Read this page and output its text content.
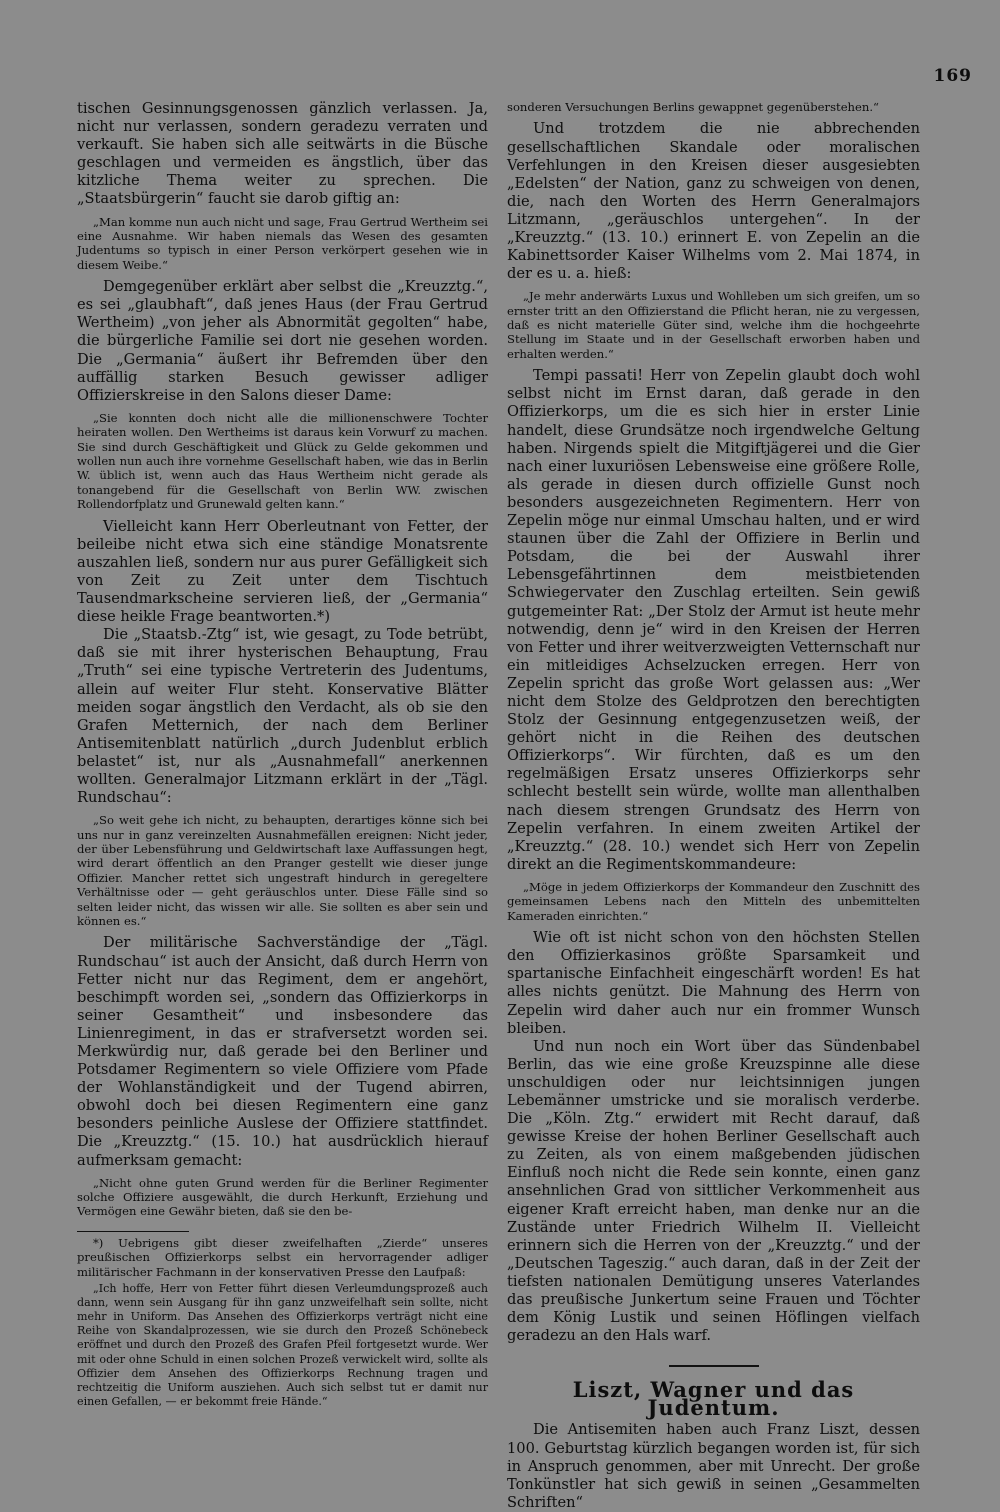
169

tischen Gesinnungsgenossen gänzlich verlassen. Ja, nicht nur verlassen, sondern geradezu verraten und verkauft. Sie haben sich alle seitwärts in die Büsche geschlagen und vermeiden es ängstlich, über das kitzliche Thema weiter zu sprechen. Die „Staatsbürgerin“ faucht sie darob giftig an:

„Man komme nun auch nicht und sage, Frau Gertrud Wertheim sei eine Ausnahme. Wir haben niemals das Wesen des gesamten Judentums so typisch in einer Person verkörpert gesehen wie in diesem Weibe.“

Demgegenüber erklärt aber selbst die „Kreuzztg.“, es sei „glaubhaft“, daß jenes Haus (der Frau Gertrud Wertheim) „von jeher als Abnormität gegolten“ habe, die bürgerliche Familie sei dort nie gesehen worden. Die „Germania“ äußert ihr Befremden über den auffällig starken Besuch gewisser adliger Offizierskreise in den Salons dieser Dame:

„Sie konnten doch nicht alle die millionenschwere Tochter heiraten wollen. Den Wertheims ist daraus kein Vorwurf zu machen. Sie sind durch Geschäftigkeit und Glück zu Gelde gekommen und wollen nun auch ihre vornehme Gesellschaft haben, wie das in Berlin W. üblich ist, wenn auch das Haus Wertheim nicht gerade als tonangebend für die Gesellschaft von Berlin WW. zwischen Rollendorfplatz und Grunewald gelten kann.“

Vielleicht kann Herr Oberleutnant von Fetter, der beileibe nicht etwa sich eine ständige Monatsrente auszahlen ließ, sondern nur aus purer Gefälligkeit sich von Zeit zu Zeit unter dem Tischtuch Tausendmarkscheine servieren ließ, der „Germania“ diese heikle Frage beantworten.*)

Die „Staatsb.-Ztg“ ist, wie gesagt, zu Tode betrübt, daß sie mit ihrer hysterischen Behauptung, Frau „Truth“ sei eine typische Vertreterin des Judentums, allein auf weiter Flur steht. Konservative Blätter meiden sogar ängstlich den Verdacht, als ob sie den Grafen Metternich, der nach dem Berliner Antisemitenblatt natürlich „durch Judenblut erblich belastet“ ist, nur als „Ausnahmefall“ anerkennen wollten. Generalmajor Litzmann erklärt in der „Tägl. Rundschau“:

„So weit gehe ich nicht, zu behaupten, derartiges könne sich bei uns nur in ganz vereinzelten Ausnahmefällen ereignen: Nicht jeder, der über Lebensführung und Geldwirtschaft laxe Auffassungen hegt, wird derart öffentlich an den Pranger gestellt wie dieser junge Offizier. Mancher rettet sich ungestraft hindurch in geregeltere Verhältnisse oder — geht geräuschlos unter. Diese Fälle sind so selten leider nicht, das wissen wir alle. Sie sollten es aber sein und können es.“

Der militärische Sachverständige der „Tägl. Rundschau“ ist auch der Ansicht, daß durch Herrn von Fetter nicht nur das Regiment, dem er angehört, beschimpft worden sei, „sondern das Offizierkorps in seiner Gesamtheit“ und insbesondere das Linienregiment, in das er strafversetzt worden sei. Merkwürdig nur, daß gerade bei den Berliner und Potsdamer Regimentern so viele Offiziere vom Pfade der Wohlanständigkeit und der Tugend abirren, obwohl doch bei diesen Regimentern eine ganz besonders peinliche Auslese der Offiziere stattfindet. Die „Kreuzztg.“ (15. 10.) hat ausdrücklich hierauf aufmerksam gemacht:

„Nicht ohne guten Grund werden für die Berliner Regimenter solche Offiziere ausgewählt, die durch Herkunft, Erziehung und Vermögen eine Gewähr bieten, daß sie den be-

*) Uebrigens gibt dieser zweifelhaften „Zierde“ unseres preußischen Offizierkorps selbst ein hervorragender adliger militärischer Fachmann in der konservativen Presse den Laufpaß:

„Ich hoffe, Herr von Fetter führt diesen Verleumdungsprozeß auch dann, wenn sein Ausgang für ihn ganz unzweifelhaft sein sollte, nicht mehr in Uniform. Das Ansehen des Offizierkorps verträgt nicht eine Reihe von Skandalprozessen, wie sie durch den Prozeß Schönebeck eröffnet und durch den Prozeß des Grafen Pfeil fortgesetzt wurde. Wer mit oder ohne Schuld in einen solchen Prozeß verwickelt wird, sollte als Offizier dem Ansehen des Offizierkorps Rechnung tragen und rechtzeitig die Uniform ausziehen. Auch sich selbst tut er damit nur einen Gefallen, — er bekommt freie Hände.“

sonderen Versuchungen Berlins gewappnet gegenüberstehen.“

Und trotzdem die nie abbrechenden gesellschaftlichen Skandale oder moralischen Verfehlungen in den Kreisen dieser ausgesiebten „Edelsten“ der Nation, ganz zu schweigen von denen, die, nach den Worten des Herrn Generalmajors Litzmann, „geräuschlos untergehen“. In der „Kreuzztg.“ (13. 10.) erinnert E. von Zepelin an die Kabinettsorder Kaiser Wilhelms vom 2. Mai 1874, in der es u. a. hieß:

„Je mehr anderwärts Luxus und Wohlleben um sich greifen, um so ernster tritt an den Offizierstand die Pflicht heran, nie zu vergessen, daß es nicht materielle Güter sind, welche ihm die hochgeehrte Stellung im Staate und in der Gesellschaft erworben haben und erhalten werden.“

Tempi passati! Herr von Zepelin glaubt doch wohl selbst nicht im Ernst daran, daß gerade in den Offizierkorps, um die es sich hier in erster Linie handelt, diese Grundsätze noch irgendwelche Geltung haben. Nirgends spielt die Mitgiftjägerei und die Gier nach einer luxuriösen Lebensweise eine größere Rolle, als gerade in diesen durch offizielle Gunst noch besonders ausgezeichneten Regimentern. Herr von Zepelin möge nur einmal Umschau halten, und er wird staunen über die Zahl der Offiziere in Berlin und Potsdam, die bei der Auswahl ihrer Lebensgefährtinnen dem meistbietenden Schwiegervater den Zuschlag erteilten. Sein gewiß gutgemeinter Rat: „Der Stolz der Armut ist heute mehr notwendig, denn je“ wird in den Kreisen der Herren von Fetter und ihrer weitverzweigten Vetternschaft nur ein mitleidiges Achselzucken erregen. Herr von Zepelin spricht das große Wort gelassen aus: „Wer nicht dem Stolze des Geldprotzen den berechtigten Stolz der Gesinnung entgegenzusetzen weiß, der gehört nicht in die Reihen des deutschen Offizierkorps“. Wir fürchten, daß es um den regelmäßigen Ersatz unseres Offizierkorps sehr schlecht bestellt sein würde, wollte man allenthalben nach diesem strengen Grundsatz des Herrn von Zepelin verfahren. In einem zweiten Artikel der „Kreuzztg.“ (28. 10.) wendet sich Herr von Zepelin direkt an die Regimentskommandeure:

„Möge in jedem Offizierkorps der Kommandeur den Zuschnitt des gemeinsamen Lebens nach den Mitteln des unbemittelten Kameraden einrichten.“

Wie oft ist nicht schon von den höchsten Stellen den Offizierkasinos größte Sparsamkeit und spartanische Einfachheit eingeschärft worden! Es hat alles nichts genützt. Die Mahnung des Herrn von Zepelin wird daher auch nur ein frommer Wunsch bleiben.

Und nun noch ein Wort über das Sündenbabel Berlin, das wie eine große Kreuzspinne alle diese unschuldigen oder nur leichtsinnigen jungen Lebemänner umstricke und sie moralisch verderbe. Die „Köln. Ztg.“ erwidert mit Recht darauf, daß gewisse Kreise der hohen Berliner Gesellschaft auch zu Zeiten, als von einem maßgebenden jüdischen Einfluß noch nicht die Rede sein konnte, einen ganz ansehnlichen Grad von sittlicher Verkommenheit aus eigener Kraft erreicht haben, man denke nur an die Zustände unter Friedrich Wilhelm II. Vielleicht erinnern sich die Herren von der „Kreuzztg.“ und der „Deutschen Tageszig.“ auch daran, daß in der Zeit der tiefsten nationalen Demütigung unseres Vaterlandes das preußische Junkertum seine Frauen und Töchter dem König Lustik und seinen Höflingen vielfach geradezu an den Hals warf.

Liszt, Wagner und das Judentum.

Die Antisemiten haben auch Franz Liszt, dessen 100. Geburtstag kürzlich begangen worden ist, für sich in Anspruch genommen, aber mit Unrecht. Der große Tonkünstler hat sich gewiß in seinen „Gesammelten Schriften“
